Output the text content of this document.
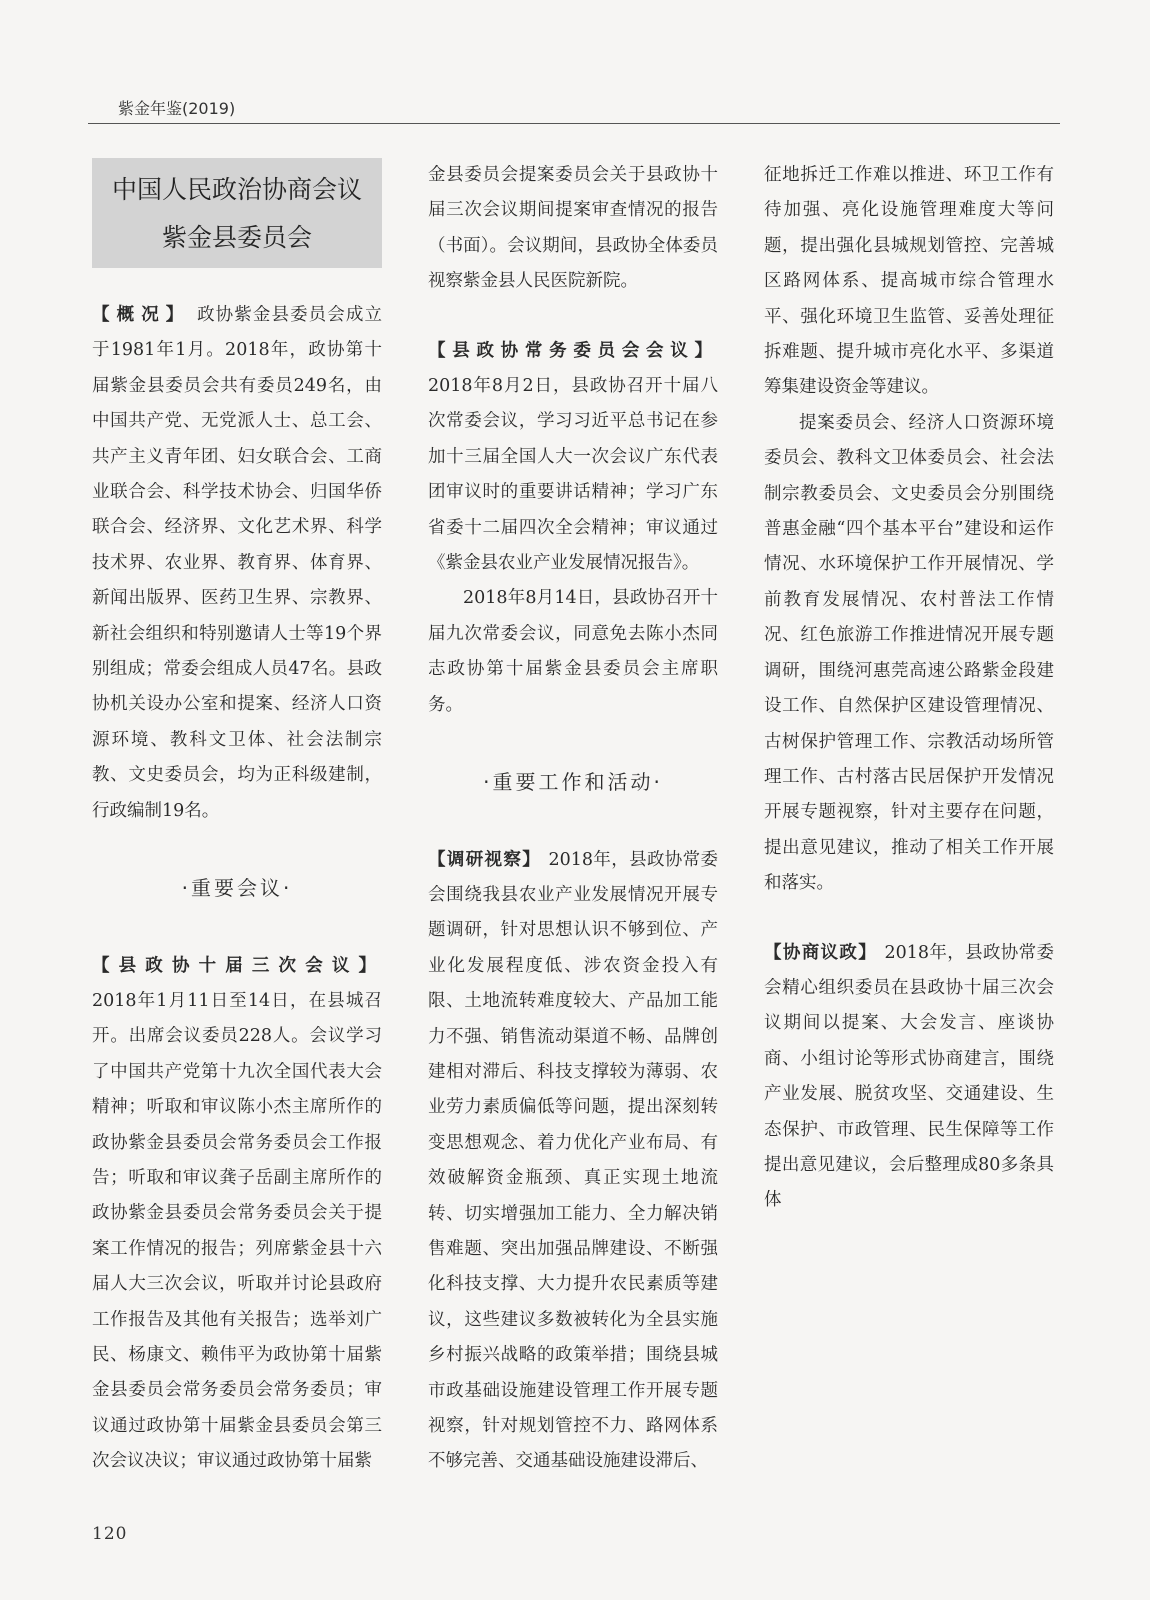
紫金年鉴(2019)
中国人民政治协商会议
紫金县委员会

【概况】 政协紫金县委员会成立于1981年1月。2018年，政协第十届紫金县委员会共有委员249名，由中国共产党、无党派人士、总工会、共产主义青年团、妇女联合会、工商业联合会、科学技术协会、归国华侨联合会、经济界、文化艺术界、科学技术界、农业界、教育界、体育界、新闻出版界、医药卫生界、宗教界、新社会组织和特别邀请人士等19个界别组成；常委会组成人员47名。县政协机关设办公室和提案、经济人口资源环境、教科文卫体、社会法制宗教、文史委员会，均为正科级建制，行政编制19名。

·重要会议·

【县政协十届三次会议】2018年1月11日至14日，在县城召开。出席会议委员228人。会议学习了中国共产党第十九次全国代表大会精神；听取和审议陈小杰主席所作的政协紫金县委员会常务委员会工作报告；听取和审议龚子岳副主席所作的政协紫金县委员会常务委员会关于提案工作情况的报告；列席紫金县十六届人大三次会议，听取并讨论县政府工作报告及其他有关报告；选举刘广民、杨康文、赖伟平为政协第十届紫金县委员会常务委员会常务委员；审议通过政协第十届紫金县委员会第三次会议决议；审议通过政协第十届紫

金县委员会提案委员会关于县政协十届三次会议期间提案审查情况的报告（书面）。会议期间，县政协全体委员视察紫金县人民医院新院。

【县政协常务委员会会议】2018年8月2日，县政协召开十届八次常委会议，学习习近平总书记在参加十三届全国人大一次会议广东代表团审议时的重要讲话精神；学习广东省委十二届四次全会精神；审议通过《紫金县农业产业发展情况报告》。

2018年8月14日，县政协召开十届九次常委会议，同意免去陈小杰同志政协第十届紫金县委员会主席职务。

·重要工作和活动·

【调研视察】 2018年，县政协常委会围绕我县农业产业发展情况开展专题调研，针对思想认识不够到位、产业化发展程度低、涉农资金投入有限、土地流转难度较大、产品加工能力不强、销售流动渠道不畅、品牌创建相对滞后、科技支撑较为薄弱、农业劳力素质偏低等问题，提出深刻转变思想观念、着力优化产业布局、有效破解资金瓶颈、真正实现土地流转、切实增强加工能力、全力解决销售难题、突出加强品牌建设、不断强化科技支撑、大力提升农民素质等建议，这些建议多数被转化为全县实施乡村振兴战略的政策举措；围绕县城市政基础设施建设管理工作开展专题视察，针对规划管控不力、路网体系不够完善、交通基础设施建设滞后、

征地拆迁工作难以推进、环卫工作有待加强、亮化设施管理难度大等问题，提出强化县城规划管控、完善城区路网体系、提高城市综合管理水平、强化环境卫生监管、妥善处理征拆难题、提升城市亮化水平、多渠道筹集建设资金等建议。

提案委员会、经济人口资源环境委员会、教科文卫体委员会、社会法制宗教委员会、文史委员会分别围绕普惠金融“四个基本平台”建设和运作情况、水环境保护工作开展情况、学前教育发展情况、农村普法工作情况、红色旅游工作推进情况开展专题调研，围绕河惠莞高速公路紫金段建设工作、自然保护区建设管理情况、古树保护管理工作、宗教活动场所管理工作、古村落古民居保护开发情况开展专题视察，针对主要存在问题，提出意见建议，推动了相关工作开展和落实。

【协商议政】 2018年，县政协常委会精心组织委员在县政协十届三次会议期间以提案、大会发言、座谈协商、小组讨论等形式协商建言，围绕产业发展、脱贫攻坚、交通建设、生态保护、市政管理、民生保障等工作提出意见建议，会后整理成80多条具体

120
